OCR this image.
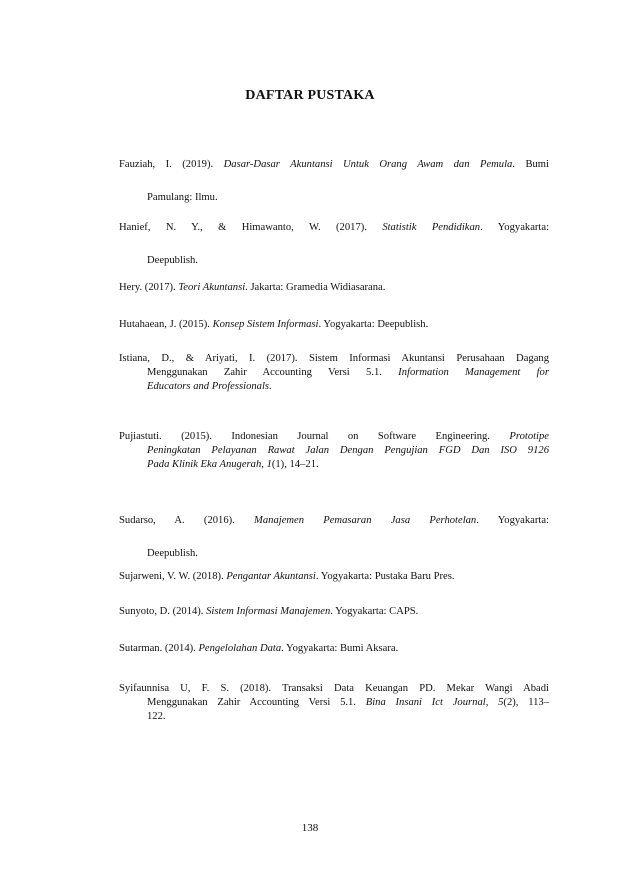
DAFTAR PUSTAKA
Fauziah, I. (2019). Dasar-Dasar Akuntansi Untuk Orang Awam dan Pemula. Bumi
Pamulang: Ilmu.
Hanief, N. Y., & Himawanto, W. (2017). Statistik Pendidikan. Yogyakarta:
Deepublish.
Hery. (2017). Teori Akuntansi. Jakarta: Gramedia Widiasarana.
Hutahaean, J. (2015). Konsep Sistem Informasi. Yogyakarta: Deepublish.
Istiana, D., & Ariyati, I. (2017). Sistem Informasi Akuntansi Perusahaan Dagang
Menggunakan Zahir Accounting Versi 5.1. Information Management for
Educators and Professionals.
Pujiastuti. (2015). Indonesian Journal on Software Engineering. Prototipe
Peningkatan Pelayanan Rawat Jalan Dengan Pengujian FGD Dan ISO 9126
Pada Klinik Eka Anugerah, 1(1), 14–21.
Sudarso, A. (2016). Manajemen Pemasaran Jasa Perhotelan. Yogyakarta:
Deepublish.
Sujarweni, V. W. (2018). Pengantar Akuntansi. Yogyakarta: Pustaka Baru Pres.
Sunyoto, D. (2014). Sistem Informasi Manajemen. Yogyakarta: CAPS.
Sutarman. (2014). Pengelolahan Data. Yogyakarta: Bumi Aksara.
Syifaunnisa U, F. S. (2018). Transaksi Data Keuangan PD. Mekar Wangi Abadi
Menggunakan Zahir Accounting Versi 5.1. Bina Insani Ict Journal, 5(2), 113–
122.
138
